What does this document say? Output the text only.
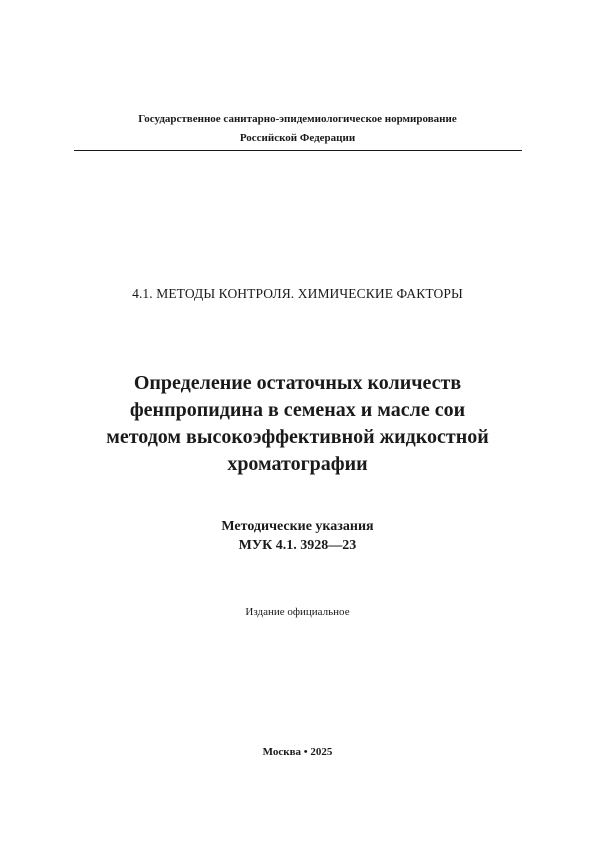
Государственное санитарно-эпидемиологическое нормирование
Российской Федерации
4.1. МЕТОДЫ КОНТРОЛЯ. ХИМИЧЕСКИЕ ФАКТОРЫ
Определение остаточных количеств
фенпропидина в семенах и масле сои
методом высокоэффективной жидкостной
хроматографии
Методические указания
МУК 4.1. 3928—23
Издание официальное
Москва • 2025
